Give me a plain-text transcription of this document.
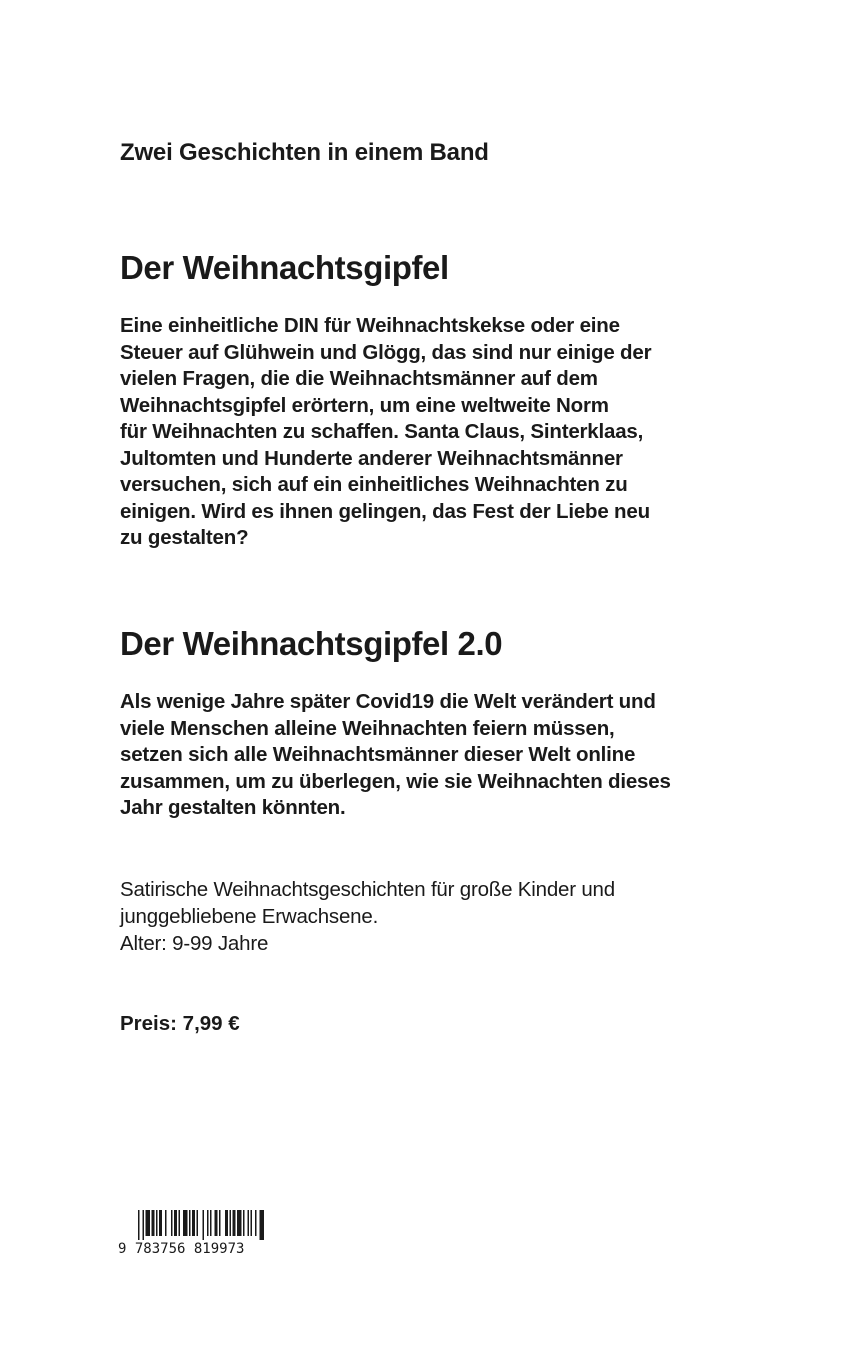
Zwei Geschichten in einem Band

Der Weihnachtsgipfel

Eine einheitliche DIN für Weihnachtskekse oder eine
Steuer auf Glühwein und Glögg, das sind nur einige der
vielen Fragen, die die Weihnachtsmänner auf dem
Weihnachtsgipfel erörtern, um eine weltweite Norm
für Weihnachten zu schaffen. Santa Claus, Sinterklaas,
Jultomten und Hunderte anderer Weihnachtsmänner
versuchen, sich auf ein einheitliches Weihnachten zu
einigen. Wird es ihnen gelingen, das Fest der Liebe neu
zu gestalten?

Der Weihnachtsgipfel 2.0

Als wenige Jahre später Covid19 die Welt verändert und
viele Menschen alleine Weihnachten feiern müssen,
setzen sich alle Weihnachtsmänner dieser Welt online
zusammen, um zu überlegen, wie sie Weihnachten dieses
Jahr gestalten könnten.

Satirische Weihnachtsgeschichten für große Kinder und
junggebliebene Erwachsene.
Alter: 9-99 Jahre

Preis: 7,99 €

9 783756 819973
